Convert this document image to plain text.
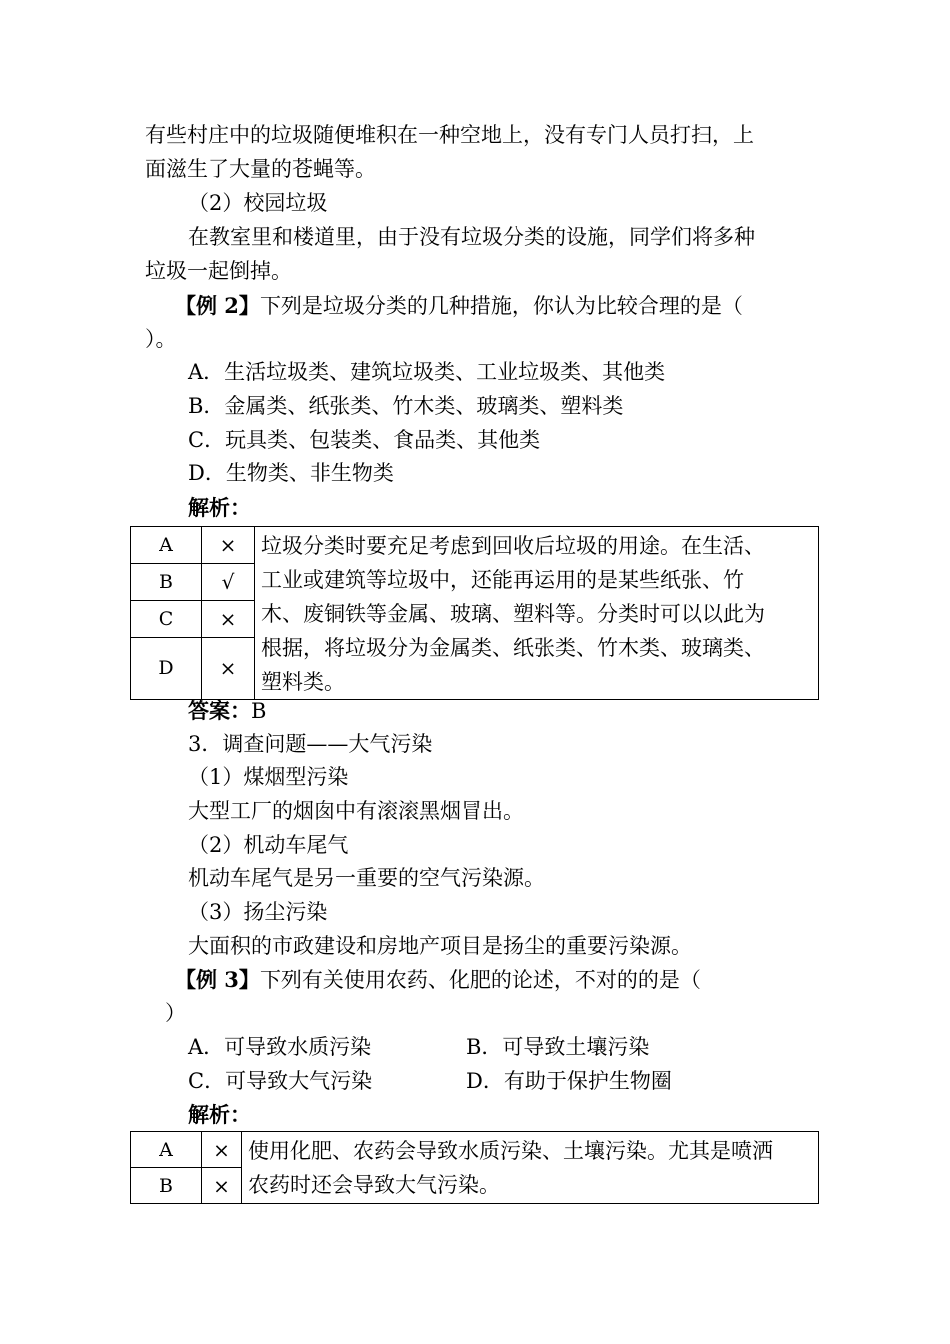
有些村庄中的垃圾随便堆积在一种空地上，没有专门人员打扫，上
面滋生了大量的苍蝇等。
（2）校园垃圾
在教室里和楼道里，由于没有垃圾分类的设施，同学们将多种
垃圾一起倒掉。
【例 2】下列是垃圾分类的几种措施，你认为比较合理的是（
）。
A．生活垃圾类、建筑垃圾类、工业垃圾类、其他类
B．金属类、纸张类、竹木类、玻璃类、塑料类
C．玩具类、包装类、食品类、其他类
D．生物类、非生物类
解析：
A	×	垃圾分类时要充足考虑到回收后垃圾的用途。在生活、
工业或建筑等垃圾中，还能再运用的是某些纸张、竹
木、废铜铁等金属、玻璃、塑料等。分类时可以以此为
根据，将垃圾分为金属类、纸张类、竹木类、玻璃类、
塑料类。

B	√	
C	×	
D	×	
答案：B
3．调查问题——大气污染
（1）煤烟型污染
大型工厂的烟囱中有滚滚黑烟冒出。
（2）机动车尾气
机动车尾气是另一重要的空气污染源。
（3）扬尘污染
大面积的市政建设和房地产项目是扬尘的重要污染源。
【例 3】下列有关使用农药、化肥的论述，不对的的是（
）
A．可导致水质污染	B．可导致土壤污染
C．可导致大气污染	D．有助于保护生物圈
解析：
A	×	使用化肥、农药会导致水质污染、土壤污染。尤其是喷洒
农药时还会导致大气污染。

B	×	
